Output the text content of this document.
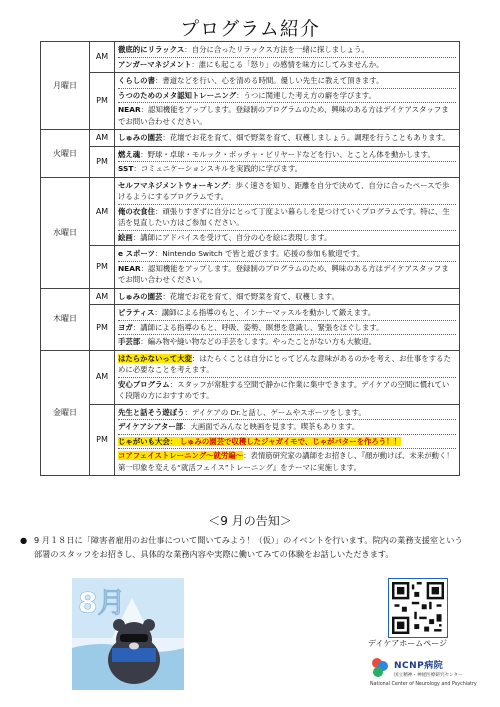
プログラム紹介
月曜日	AM	徹底的にリラックス：自分に合ったリラックス方法を一緒に探しましょう。
アンガーマネジメント：誰にも起こる「怒り」の感情を味方にしてみませんか。

	PM	くらしの書：書道などを行い、心を清める時間。優しい先生に教えて頂きます。
うつのためのメタ認知トレーニング：うつに関連した考え方の癖を学びます。
NEAR：認知機能をアップします。登録制のプログラムのため、興味のある方はデイケアスタッフまでお問い合わせください。

火曜日	AM	しゅみの園芸：花壇でお花を育て、畑で野菜を育て、収穫しましょう。調理を行うこともあります。

	PM	燃え魂：野球・卓球・モルック・ボッチャ・ビリヤードなどを行い、とことん体を動かします。
SST：コミュニケーションスキルを実践的に学びます。

水曜日	AM	セルフマネジメントウォーキング：歩く速さを知り、距離を自分で決めて、自分に合ったペースで歩けるようにするプログラムです。
俺の衣食住：頑張りすぎずに自分にとって丁度よい暮らしを見つけていくプログラムです。特に、生活を見直したい方はご参加ください。
絵画：講師にアドバイスを受けて、自分の心を絵に表現します。

	PM	e スポーツ：Nintendo Switch で皆と遊びます。応援の参加も歓迎です。
NEAR：認知機能をアップします。登録制のプログラムのため、興味のある方はデイケアスタッフまでお問い合わせください。

木曜日	AM	しゅみの園芸：花壇でお花を育て、畑で野菜を育て、収穫します。

	PM	ピラティス：講師による指導のもと、インナーマッスルを動かして鍛えます。
ヨガ：講師による指導のもと、呼吸、姿勢、瞑想を意識し、緊張をほぐします。
手芸部：編み物や縫い物などの手芸をします。やったことがない方も大歓迎。

金曜日	AM	はたらかないって大変：はたらくことは自分にとってどんな意味があるのかを考え、お仕事をするために必要なことを考えます。
安心プログラム：スタッフが常駐する空間で静かに作業に集中できます。デイケアの空間に慣れていく段階の方におすすめです。

	PM	先生と話そう遊ぼう：デイケアの Dr.と話し、ゲームやスポーツをします。
デイケアシアター部：大画面でみんなと映画を見ます。喫茶もあります。
じゃがいも大会： しゅみの園芸で収穫したジャガイモで、じゃがバターを作ろう！！
コアフェイストレーニング～就労編～：表情筋研究家の講師をお招きし、『顔が動けば、未来が動く！第一印象を変える“就活フェイス”トレーニング』をテーマに実施します。
＜9 月の告知＞
● 9 月１８日に「障害者雇用のお仕事について聞いてみよう！（仮）」のイベントを行います。院内の業務支援室という部署のスタッフをお招きし、具体的な業務内容や実際に働いてみての体験をお話しいただきます。
8月
デイケアホームページ
NCNP病院
国立精神・神経医療研究センター
National Center of Neurology and Psychiatry
